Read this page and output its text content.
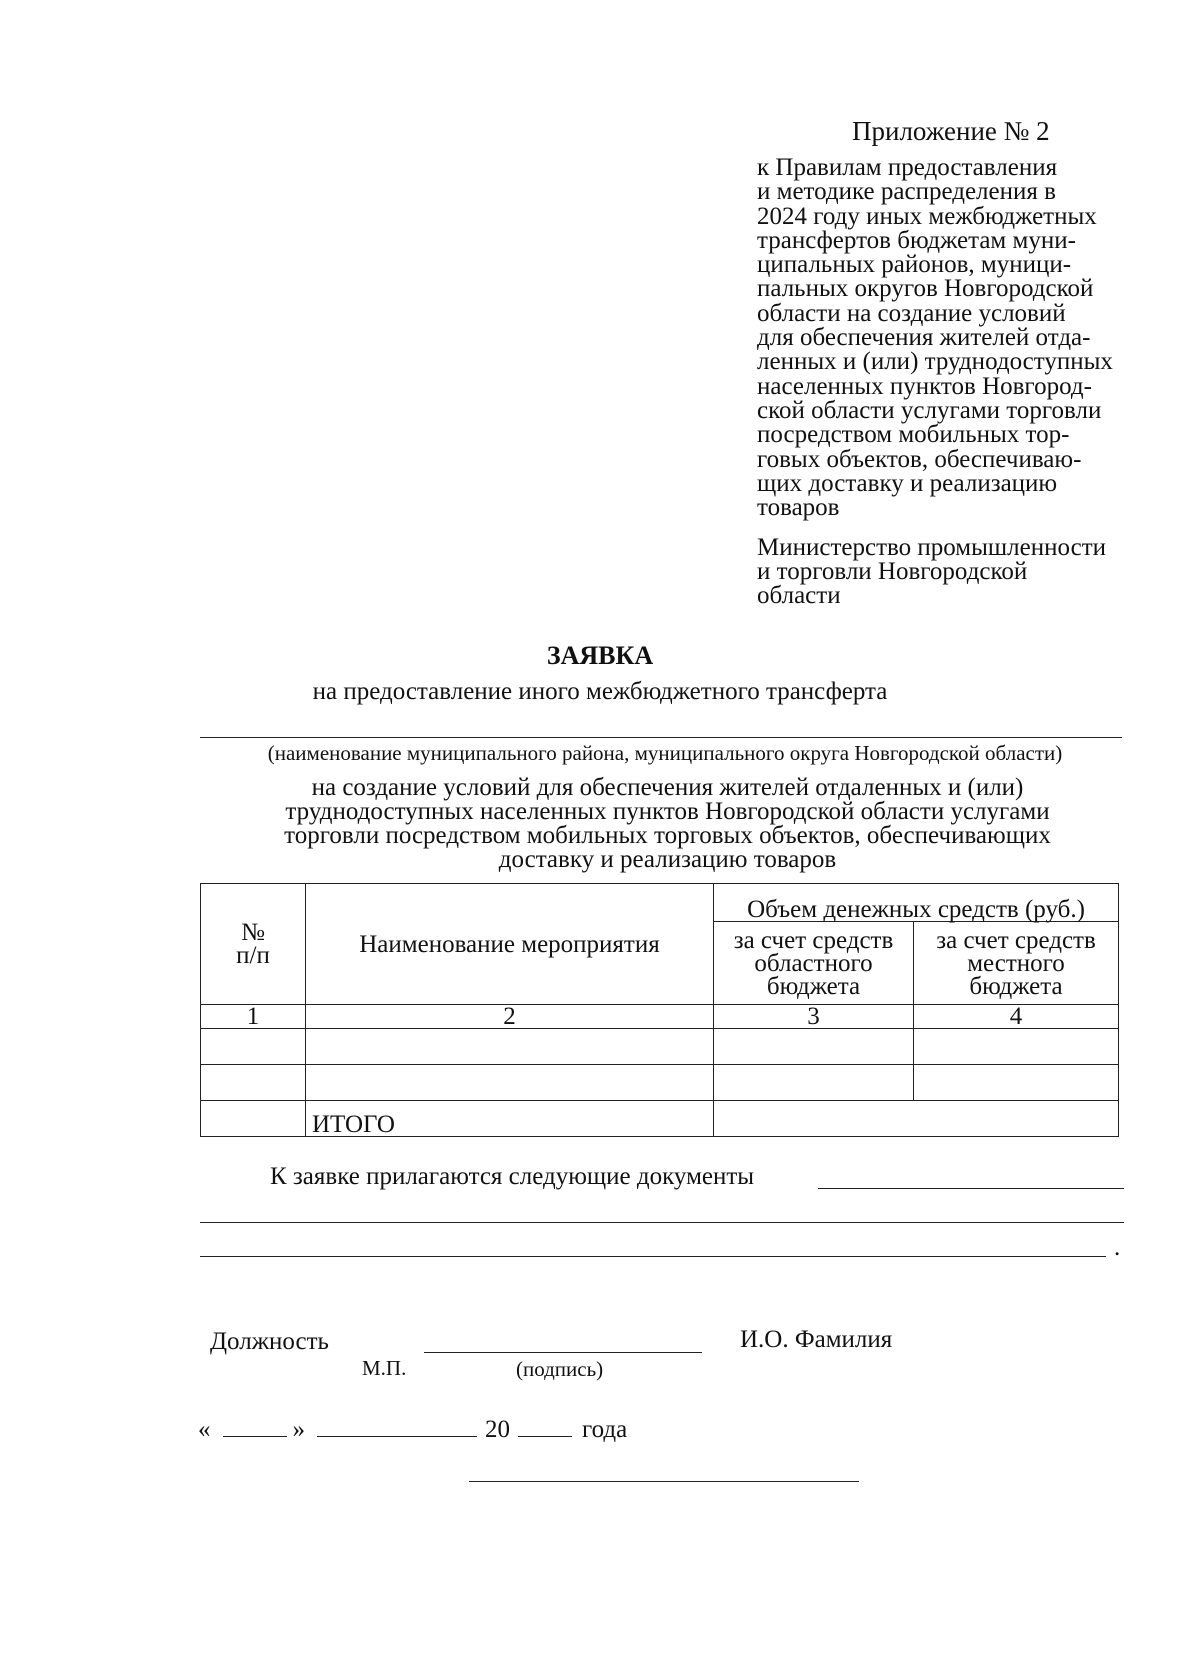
Приложение № 2
к Правилам предоставления
и методике распределения в
2024 году иных межбюджетных
трансфертов бюджетам муни-
ципальных районов, муници-
пальных округов Новгородской
области на создание условий
для обеспечения жителей отда-
ленных и (или) труднодоступных
населенных пунктов Новгород-
ской области услугами торговли
посредством мобильных тор-
говых объектов, обеспечиваю-
щих доставку и реализацию
товаров
Министерство промышленности
и торговли Новгородской
области
ЗАЯВКА
на предоставление иного межбюджетного трансферта
(наименование муниципального района, муниципального округа Новгородской области)
на создание условий для обеспечения жителей отдаленных и (или)
труднодоступных населенных пунктов Новгородской области услугами
торговли посредством мобильных торговых объектов, обеспечивающих
доставку и реализацию товаров
№
п/п	Наименование мероприятия	Объем денежных средств (руб.)	
		за счет средств
областного
бюджета	за счет средств
местного
бюджета
1	2	3	4

	ИТОГО		
К заявке прилагаются следующие документы
.
Должность
М.П.	(подпись)
И.О. Фамилия
«	»	20	года
